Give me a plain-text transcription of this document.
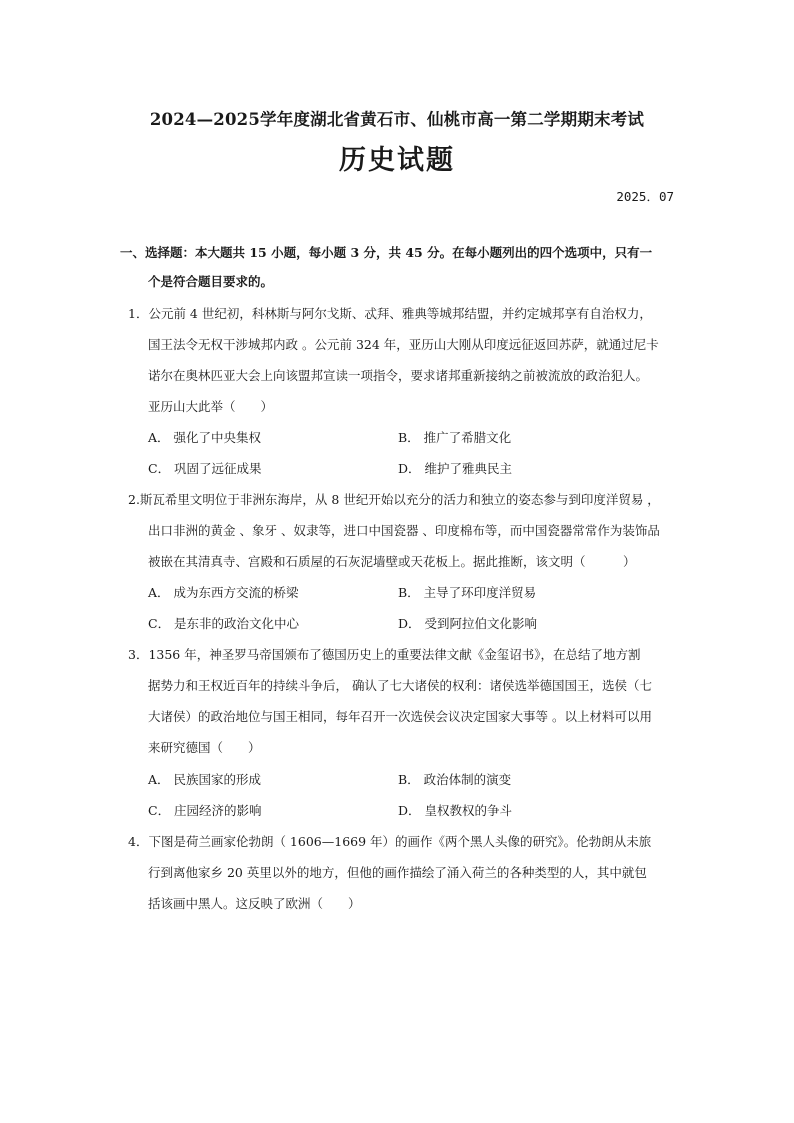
2024—2025学年度湖北省黄石市、仙桃市高一第二学期期末考试
历史试题
2025．07
一、选择题：本大题共 15 小题，每小题 3 分，共 45 分。在每小题列出的四个选项中，只有一
个是符合题目要求的。
1．公元前 4 世纪初，科林斯与阿尔戈斯、忒拜、雅典等城邦结盟，并约定城邦享有自治权力，
国王法令无权干涉城邦内政 。公元前 324 年，亚历山大刚从印度远征返回苏萨，就通过尼卡
诺尔在奥林匹亚大会上向该盟邦宣读一项指令，要求诸邦重新接纳之前被流放的政治犯人。
亚历山大此举（　　）
A． 强化了中央集权	B． 推广了希腊文化
C． 巩固了远征成果	D． 维护了雅典民主
2.斯瓦希里文明位于非洲东海岸，从 8 世纪开始以充分的活力和独立的姿态参与到印度洋贸易 ，
出口非洲的黄金 、象牙 、奴隶等，进口中国瓷器 、印度棉布等，而中国瓷器常常作为装饰品
被嵌在其清真寺、宫殿和石质屋的石灰泥墙壁或天花板上。据此推断，该文明（　　　）
A． 成为东西方交流的桥梁	B． 主导了环印度洋贸易
C． 是东非的政治文化中心	D． 受到阿拉伯文化影响
3．1356 年，神圣罗马帝国颁布了德国历史上的重要法律文献《金玺诏书》，在总结了地方割
据势力和王权近百年的持续斗争后， 确认了七大诸侯的权利：诸侯选举德国国王，选侯（七
大诸侯）的政治地位与国王相同，每年召开一次选侯会议决定国家大事等 。以上材料可以用
来研究德国（　　）
A． 民族国家的形成	B． 政治体制的演变
C． 庄园经济的影响	D． 皇权教权的争斗
4．下图是荷兰画家伦勃朗（ 1606—1669 年）的画作《两个黑人头像的研究》。伦勃朗从未旅
行到离他家乡 20 英里以外的地方，但他的画作描绘了涌入荷兰的各种类型的人，其中就包
括该画中黑人。这反映了欧洲（　　）
